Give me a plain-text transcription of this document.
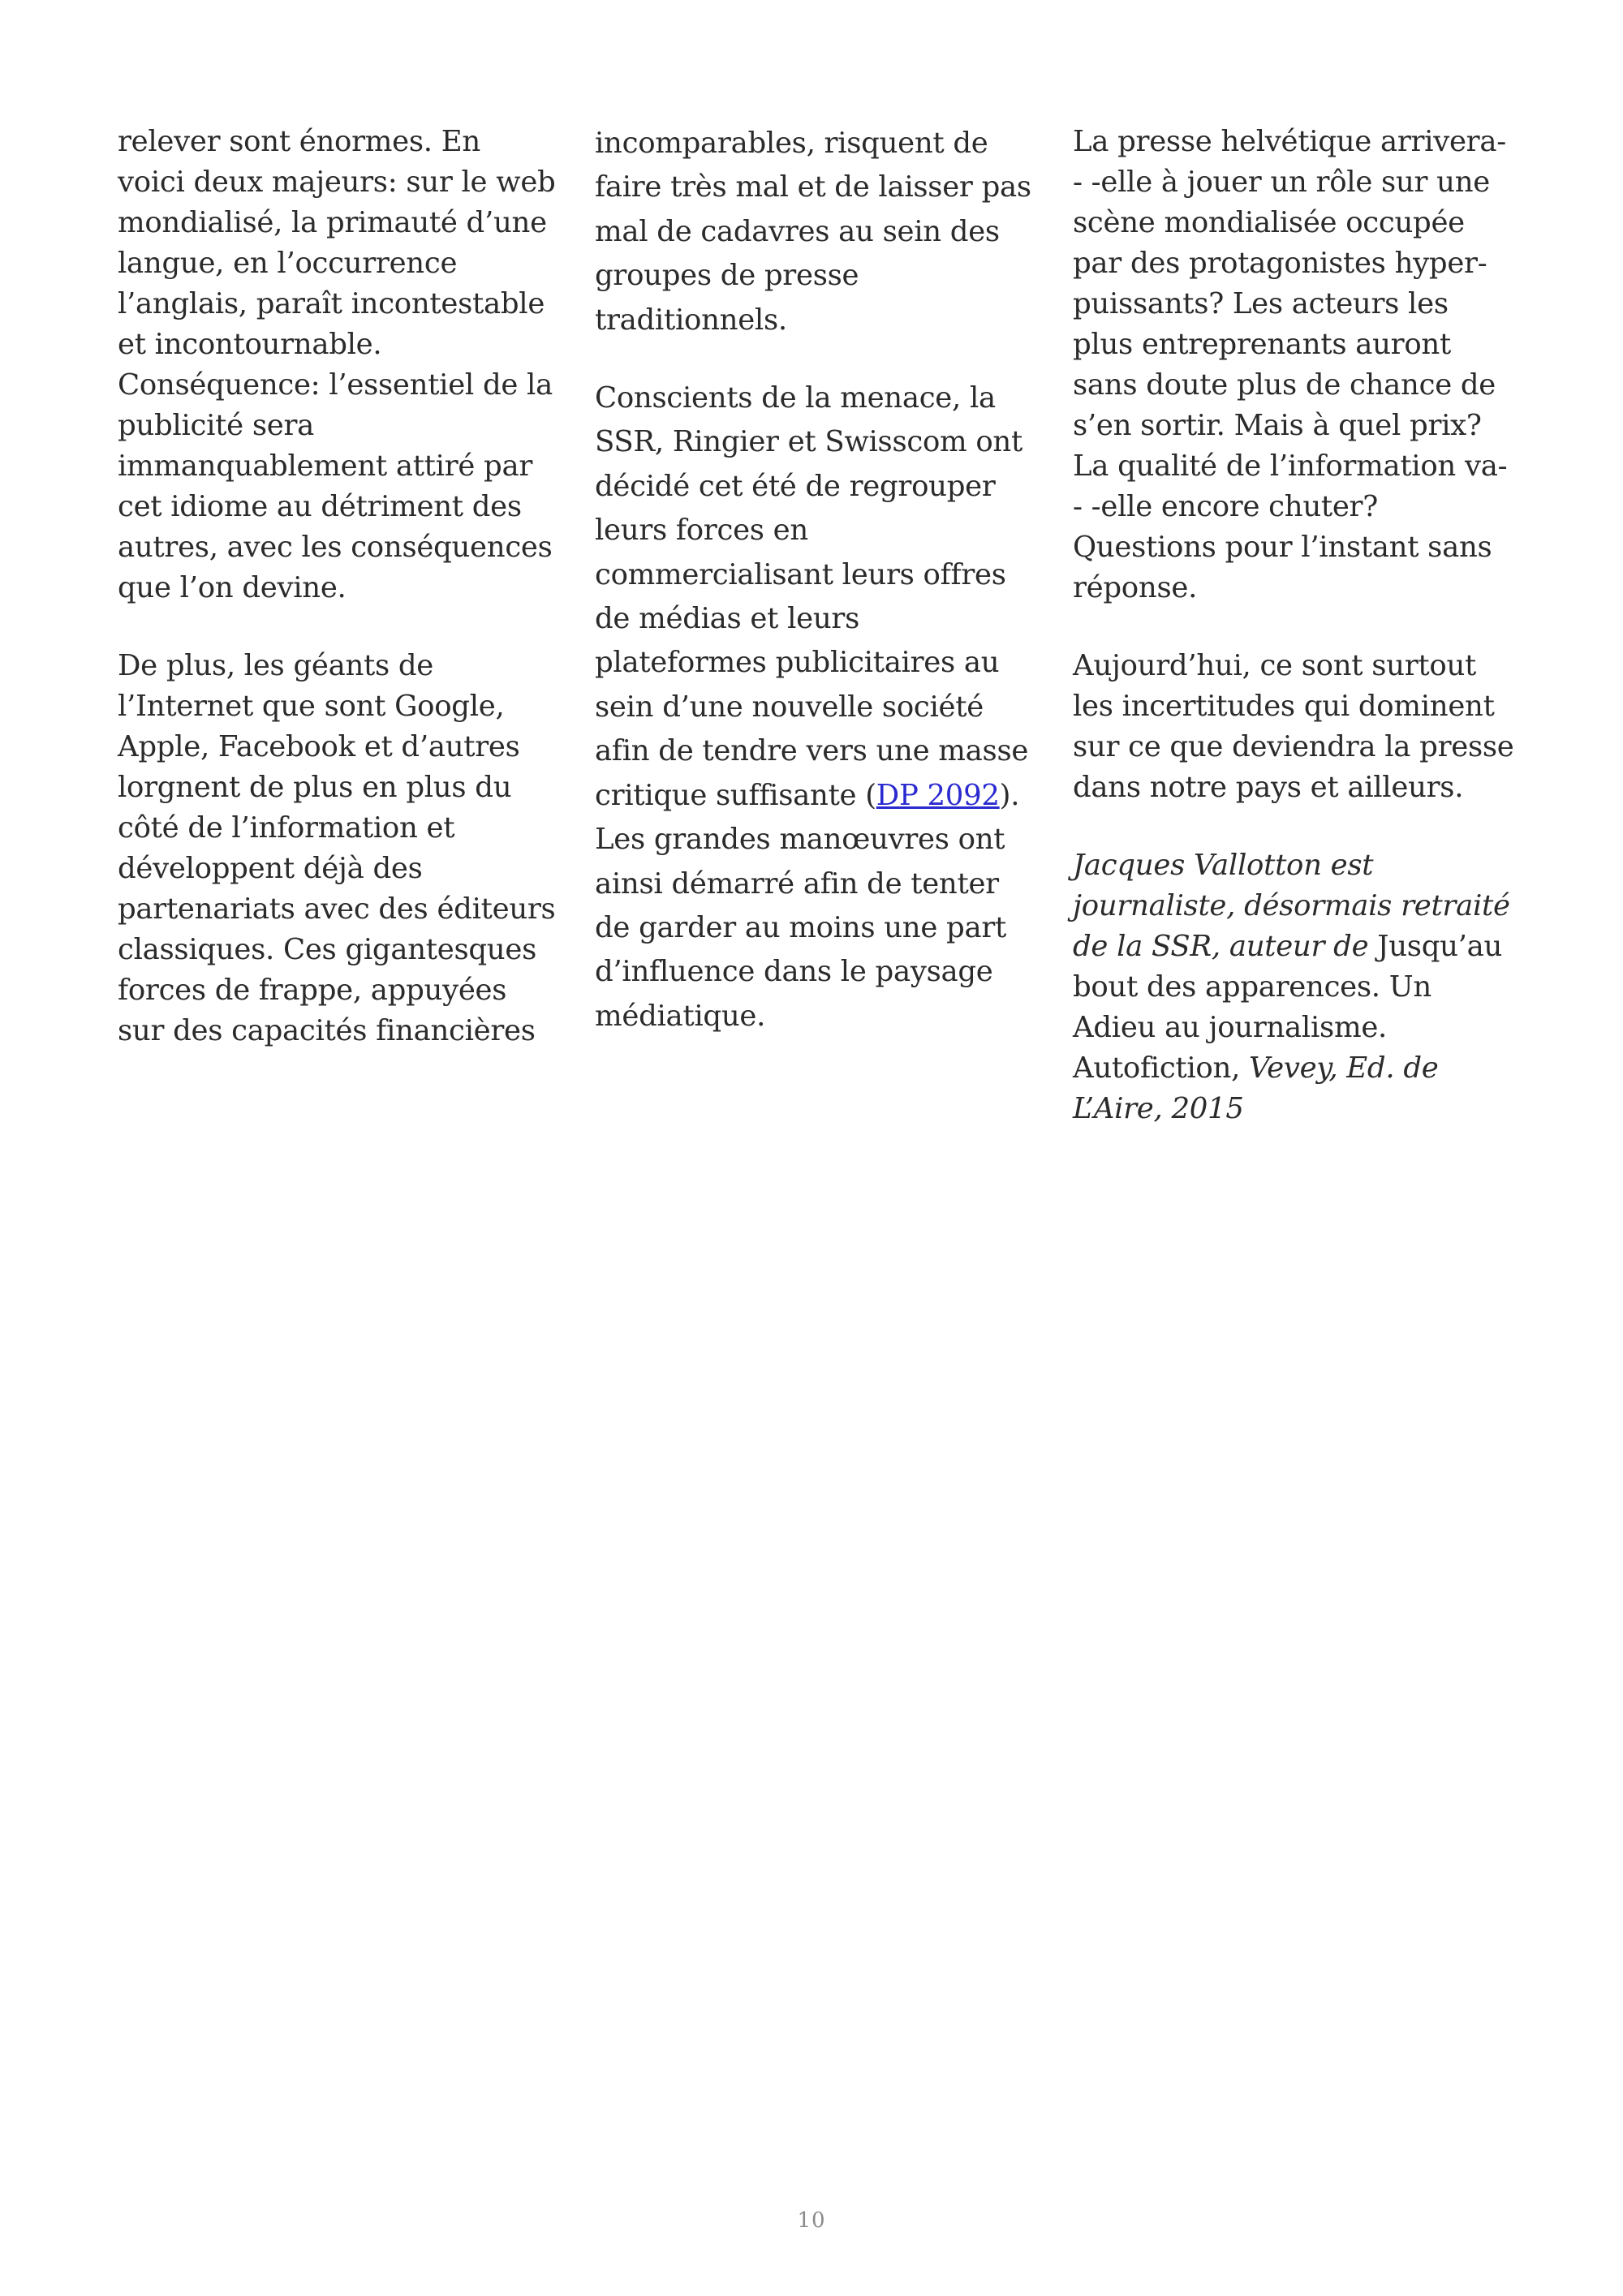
relever sont énormes. En voici deux majeurs: sur le web mondialisé, la primauté d’une langue, en l’occurrence l’anglais, paraît incontestable et incontournable. Conséquence: l’essentiel de la publicité sera immanquablement attiré par cet idiome au détriment des autres, avec les conséquences que l’on devine.

De plus, les géants de l’Internet que sont Google, Apple, Facebook et d’autres lorgnent de plus en plus du côté de l’information et développent déjà des partenariats avec des éditeurs classiques. Ces gigantesques forces de frappe, appuyées sur des capacités financières

incomparables, risquent de faire très mal et de laisser pas mal de cadavres au sein des groupes de presse traditionnels.

Conscients de la menace, la SSR, Ringier et Swisscom ont décidé cet été de regrouper leurs forces en commercialisant leurs offres de médias et leurs plateformes publicitaires au sein d’une nouvelle société afin de tendre vers une masse critique suffisante (DP 2092). Les grandes manœuvres ont ainsi démarré afin de tenter de garder au moins une part d’influence dans le paysage médiatique.

La presse helvétique arrivera-- -elle à jouer un rôle sur une scène mondialisée occupée par des protagonistes hyper- puissants? Les acteurs les plus entreprenants auront sans doute plus de chance de s’en sortir. Mais à quel prix? La qualité de l’information va-- -elle encore chuter? Questions pour l’instant sans réponse.

Aujourd’hui, ce sont surtout les incertitudes qui dominent sur ce que deviendra la presse dans notre pays et ailleurs.

Jacques Vallotton est journaliste, désormais retraité de la SSR, auteur de Jusqu’au bout des apparences. Un Adieu au journalisme. Autofiction, Vevey, Ed. de L’Aire, 2015

10
